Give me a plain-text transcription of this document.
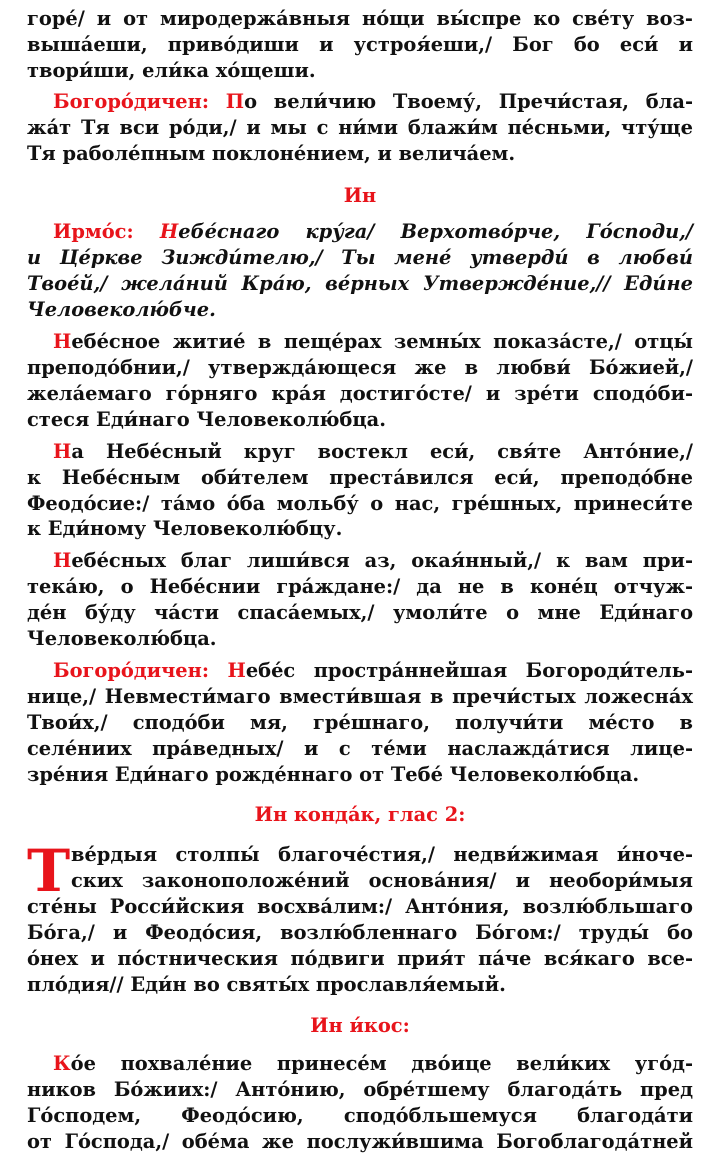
горе́/ и от миродержа́вныя но́щи вы́спре ко све́ту воз-
вышáеши, приво́диши и устроя́еши,/ Бог бо еси́ и
твори́ши, ели́ка хо́щеши.
Богоро́дичен: По вели́чию Твоему́, Пречи́стая, бла-
жа́т Тя вси ро́ди,/ и мы с ни́ми блажи́м пе́сньми, чту́ще
Тя рaболе́пным поклоне́нием, и велича́ем.
Ин
Ирмо́с: Небе́снаго кру́га/ Верхотво́рче, Го́споди,/
и Це́ркве Зижди́телю,/ Ты мене́ утверди́ в любви́
Твое́й,/ жела́ний Кра́ю, ве́рных Утвержде́ние,// Еди́не
Человеколю́бче.
Небе́сное житие́ в пеще́рах земны́х показа́сте,/ отцы́
преподо́бнии,/ утвержда́ющеся же в любви́ Бо́жией,/
жела́емаго го́рняго кра́я достиго́сте/ и зре́ти сподо́би-
стеся Еди́наго Человеколю́бца.
На Небе́сный круг востекл еси́, свя́те Анто́ние,/
к Небе́сным оби́телем преста́вился еси́, преподо́бне
Феодо́сие:/ та́мо о́ба мольбу́ о нас, гре́шных, принеси́те
к Еди́ному Человеколю́бцу.
Небе́сных благ лиши́вся аз, окая́нный,/ к вам при-
тека́ю, о Небе́снии гра́ждане:/ да не в коне́ц отчуж-
де́н бу́ду ча́сти спаса́емых,/ умоли́те о мне Еди́наго
Человеколю́бца.
Богоро́дичен: Небе́с простра́ннейшая Богороди́тель-
нице,/ Невмести́маго вмести́вшая в пречи́стых ложесна́х Твои́х,/ сподо́би мя, гре́шнаго, получи́ти ме́сто в
селе́ниих пра́ведных/ и с те́ми наслажда́тися лице-
зре́ния Еди́наго рожде́ннаго от Тебе́ Человеколю́бца.
Ин конда́к, глас 2:
Т ве́рдыя столпы́ благоче́стия,/ недви́жимая и́ноче-
ских законоположе́ний основа́ния/ и необори́мыя
сте́ны Росси́йския восхва́лим:/ Анто́ния, возлю́бльшаго
Бо́га,/ и Феодо́сия, возлю́бленнаго Бо́гом:/ труды́ бо
о́нех и по́стническия по́двиги прия́т па́че вся́каго все-
пло́дия// Еди́н во святы́х прославля́емый.
Ин и́кос:
Ко́е похвале́ние принесе́м дво́ице вели́ких уго́д-
ников Бо́жиих:/ Анто́нию, обре́тшему благода́ть пред
Го́сподем, Феодо́сию, сподо́бльшемуся благода́ти
от Го́спода,/ обе́ма же послужи́вшима Богоблагода́тней
